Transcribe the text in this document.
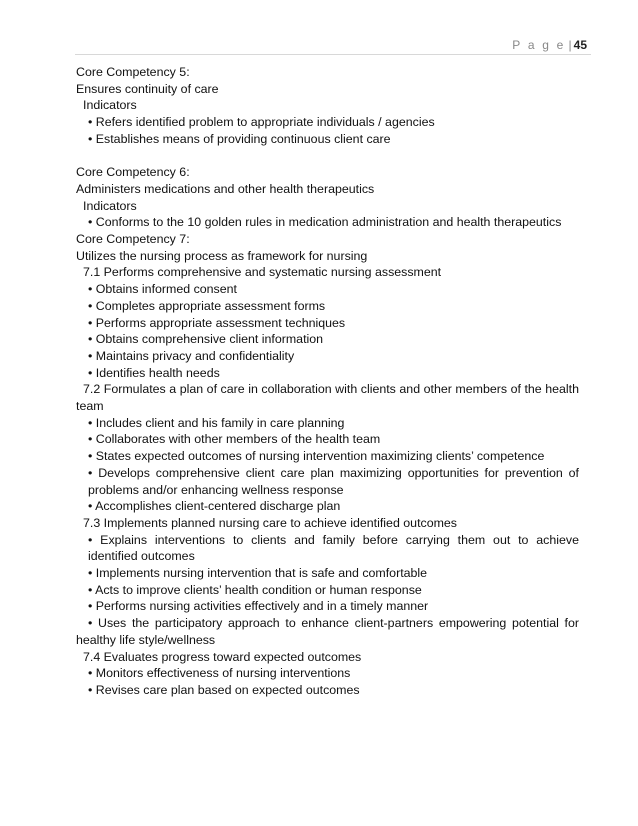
P a g e | 45

Core Competency 5:

Ensures continuity of care

Indicators

• Refers identified problem to appropriate individuals / agencies

• Establishes means of providing continuous client care

Core Competency 6:

Administers medications and other health therapeutics

Indicators

• Conforms to the 10 golden rules in medication administration and health therapeutics

Core Competency 7:

Utilizes the nursing process as framework for nursing

7.1 Performs comprehensive and systematic nursing assessment

• Obtains informed consent

• Completes appropriate assessment forms

• Performs appropriate assessment techniques

• Obtains comprehensive client information

• Maintains privacy and confidentiality

• Identifies health needs

7.2 Formulates a plan of care in collaboration with clients and other members of the health team

• Includes client and his family in care planning

• Collaborates with other members of the health team

• States expected outcomes of nursing intervention maximizing clients’ competence

• Develops comprehensive client care plan maximizing opportunities for prevention of problems and/or enhancing wellness response

• Accomplishes client-centered discharge plan

7.3 Implements planned nursing care to achieve identified outcomes

• Explains interventions to clients and family before carrying them out to achieve identified outcomes

• Implements nursing intervention that is safe and comfortable

• Acts to improve clients’ health condition or human response

• Performs nursing activities effectively and in a timely manner

• Uses the participatory approach to enhance client-partners empowering potential for healthy life style/wellness

7.4 Evaluates progress toward expected outcomes

• Monitors effectiveness of nursing interventions

• Revises care plan based on expected outcomes
